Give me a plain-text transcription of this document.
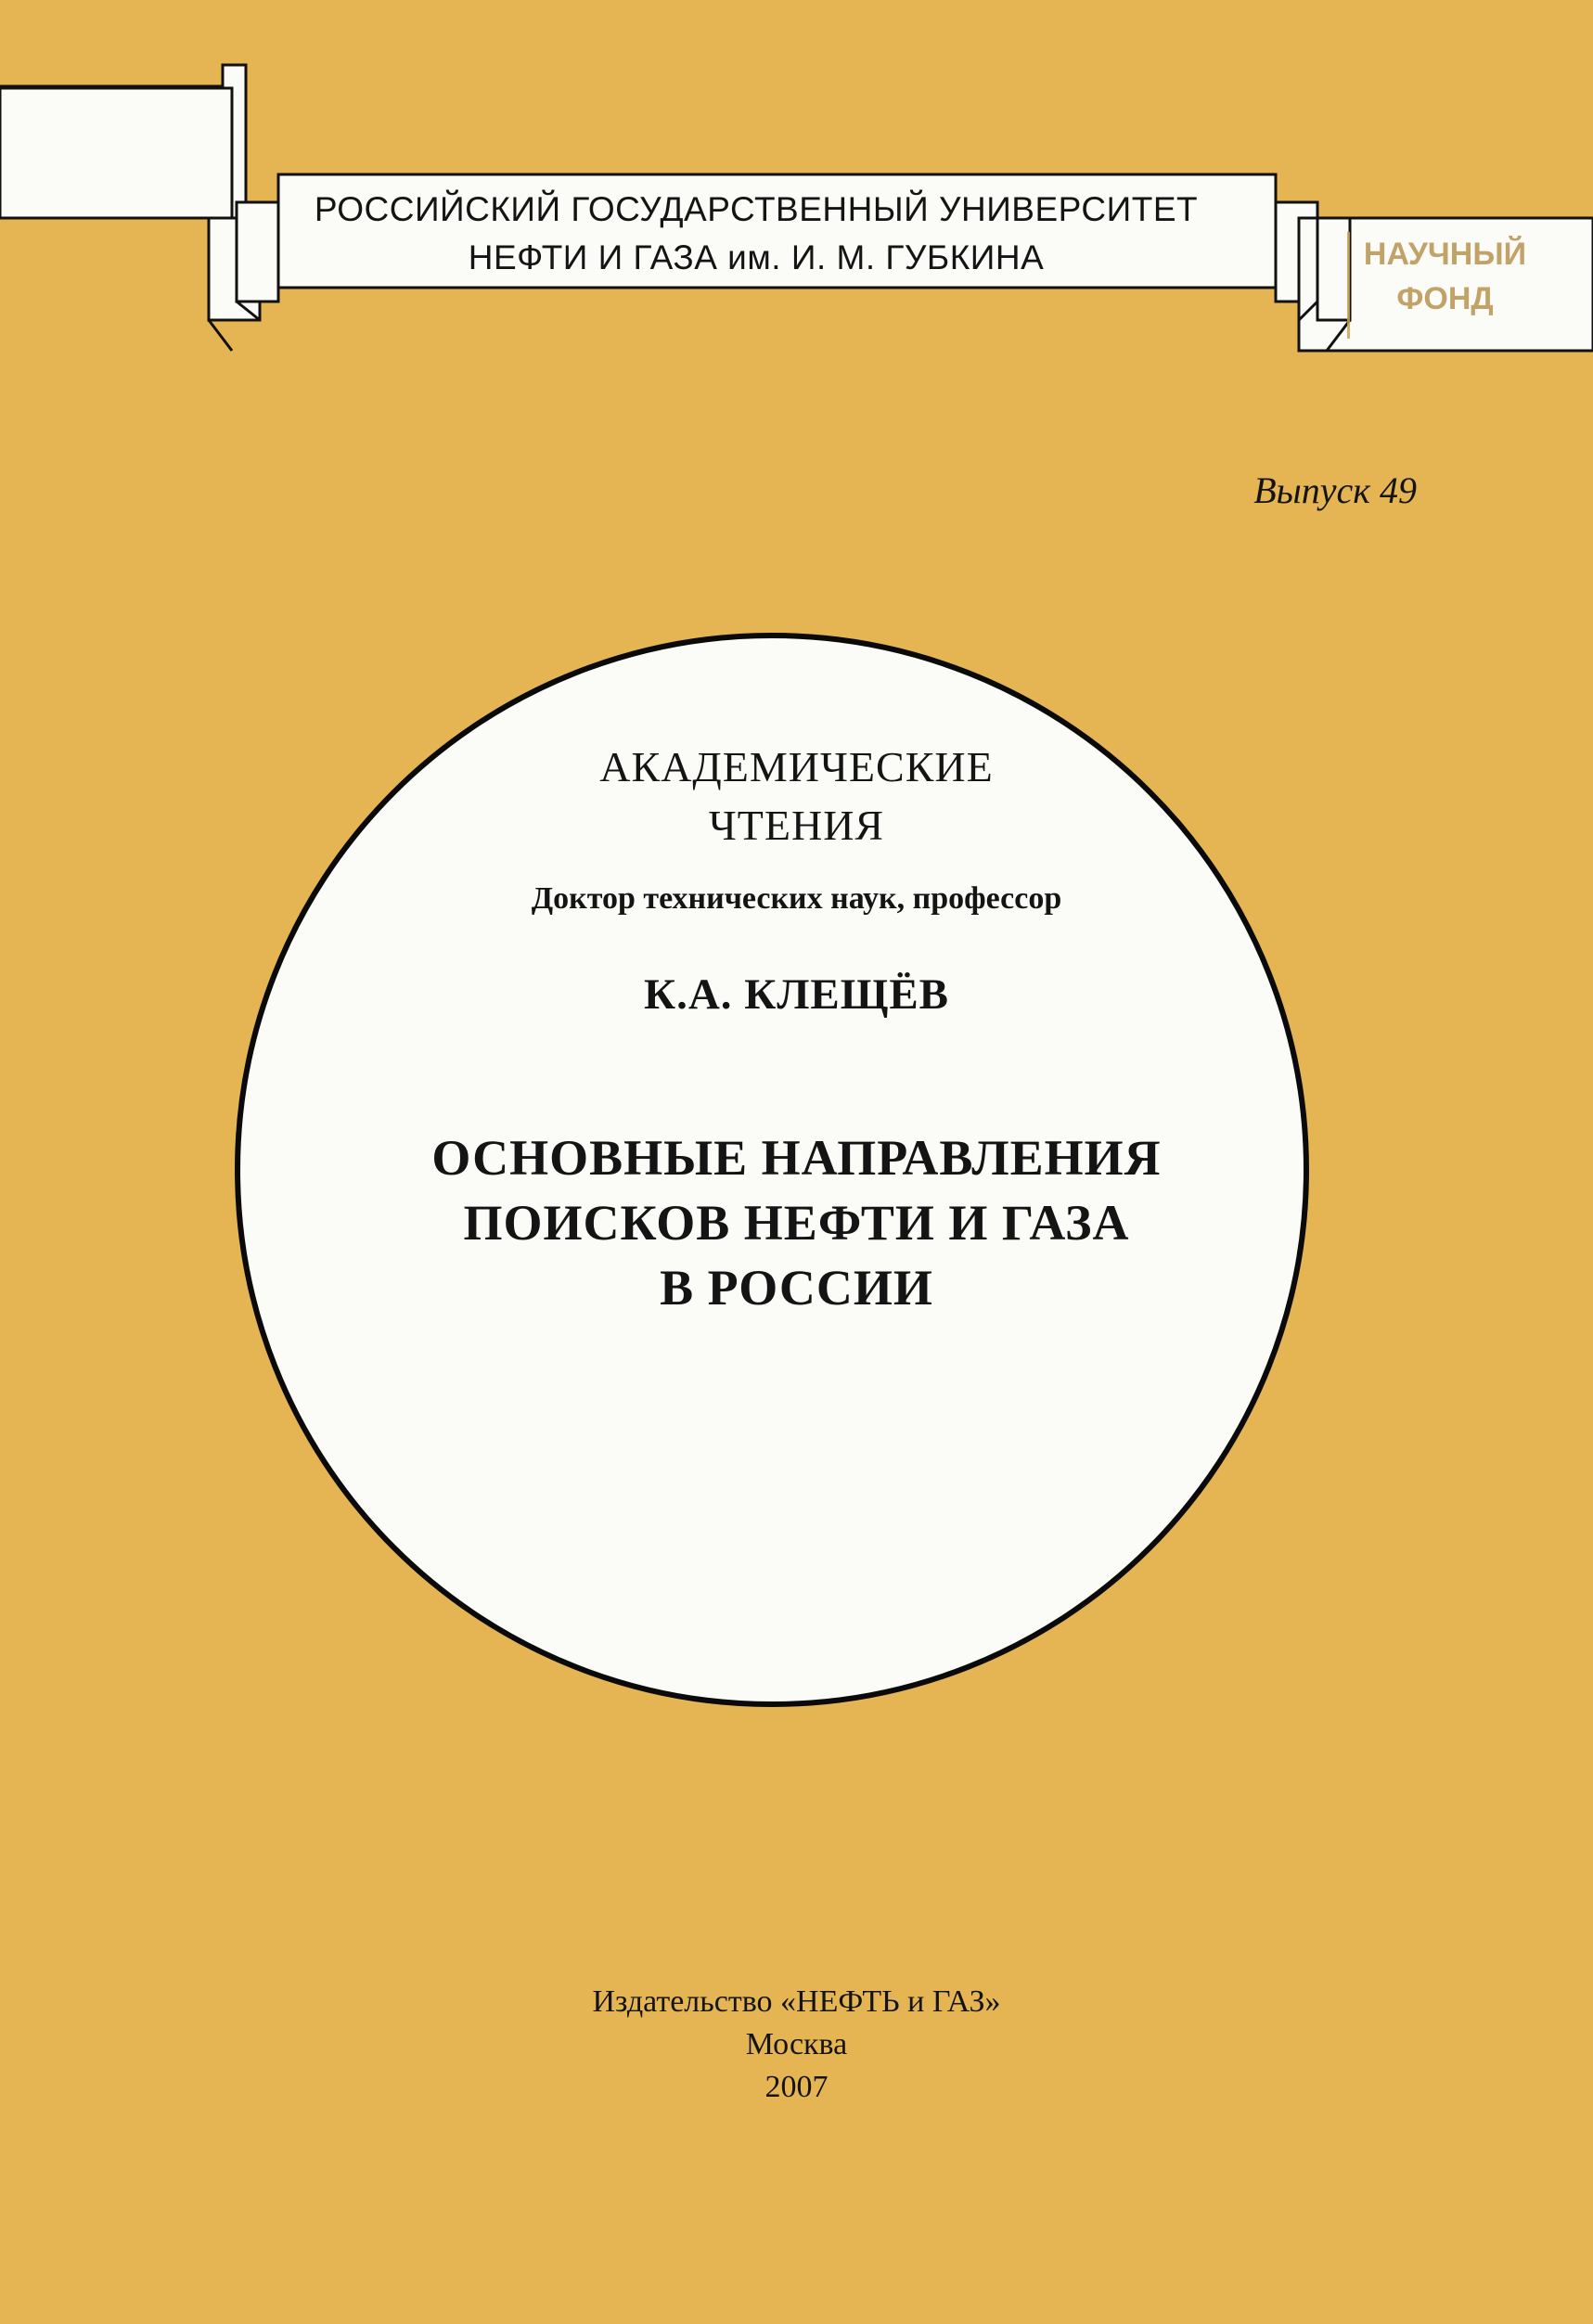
РОССИЙСКИЙ ГОСУДАРСТВЕННЫЙ УНИВЕРСИТЕТ
НЕФТИ И ГАЗА им. И. М. ГУБКИНА	НАУЧНЫЙ
ФОНД
Выпуск 49
АКАДЕМИЧЕСКИЕ
ЧТЕНИЯ
Доктор технических наук, профессор
К.А. КЛЕЩЁВ
ОСНОВНЫЕ НАПРАВЛЕНИЯ
ПОИСКОВ НЕФТИ И ГАЗА
В РОССИИ
Издательство «НЕФТЬ и ГАЗ»
Москва
2007
